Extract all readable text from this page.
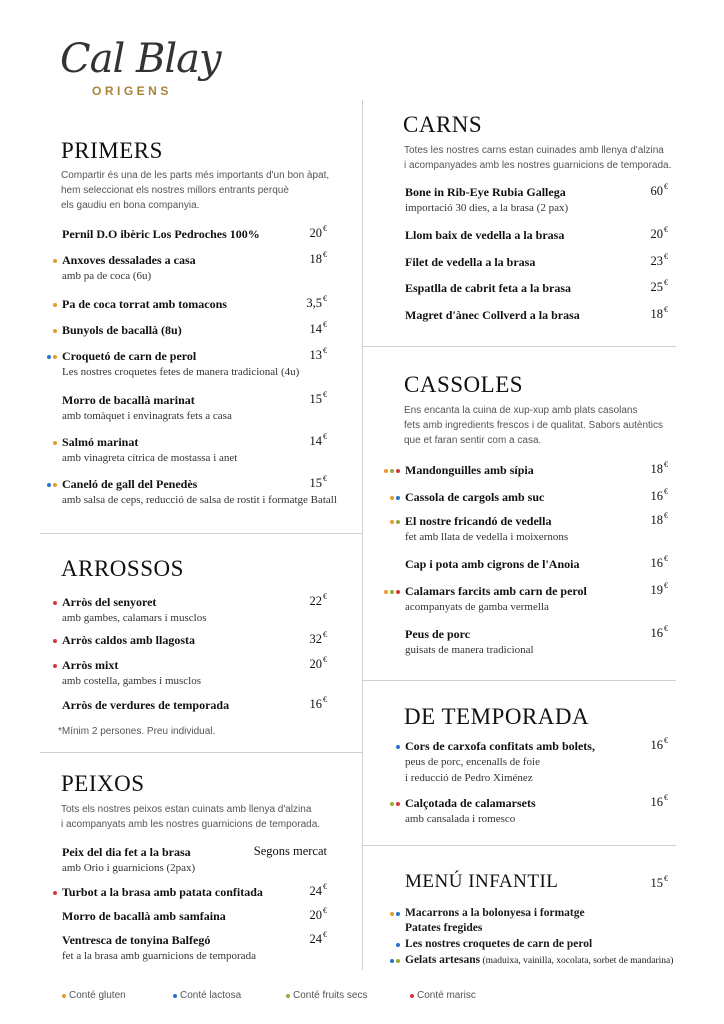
Cal Blay
ORIGENS
PRIMERS
Compartir és una de les parts més importants d'un bon àpat,
hem seleccionat els nostres millors entrants perquè
els gaudiu en bona companyia.
Pernil D.O ibèric Los Pedroches 100%	20€
Anxoves dessalades a casa
amb pa de coca (6u)
18€
Pa de coca torrat amb tomacons	3,5€
Bunyols de bacallà (8u)	14€
Croquetó de carn de perol
Les nostres croquetes fetes de manera tradicional (4u)
13€
Morro de bacallà marinat
amb tomàquet i envinagrats fets a casa
15€
Salmó marinat
amb vinagreta cítrica de mostassa i anet
14€
Caneló de gall del Penedès
amb salsa de ceps, reducció de salsa de rostit i formatge Batall
15€
ARROSSOS
Arròs del senyoret
amb gambes, calamars i musclos
22€
Arròs caldos amb llagosta	32€
Arròs mixt
amb costella, gambes i musclos
20€
Arròs de verdures de temporada	16€
*Mínim 2 persones. Preu individual.
PEIXOS
Tots els nostres peixos estan cuinats amb llenya d'alzina
i acompanyats amb les nostres guarnicions de temporada.
Peix del dia fet a la brasa
amb Orio i guarnicions (2pax)
Segons mercat
Turbot a la brasa amb patata confitada	24€
Morro de bacallà amb samfaina	20€
Ventresca de tonyina Balfegó
fet a la brasa amb guarnicions de temporada
24€
CARNS
Totes les nostres carns estan cuinades amb llenya d'alzina
i acompanyades amb les nostres guarnicions de temporada.
Bone in Rib-Eye Rubia Gallega
importació 30 dies, a la brasa (2 pax)
60€
Llom baix de vedella a la brasa	20€
Filet de vedella a la brasa	23€
Espatlla de cabrit feta a la brasa	25€
Magret d'ànec Collverd a la brasa	18€
CASSOLES
Ens encanta la cuina de xup-xup amb plats casolans
fets amb ingredients frescos i de qualitat. Sabors autèntics
que et faran sentir com a casa.
Mandonguilles amb sípia	18€
Cassola de cargols amb suc	16€
El nostre fricandó de vedella
fet amb llata de vedella i moixernons
18€
Cap i pota amb cigrons de l'Anoia	16€
Calamars farcits amb carn de perol
acompanyats de gamba vermella
19€
Peus de porc
guisats de manera tradicional
16€
DE TEMPORADA
Cors de carxofa confitats amb bolets,
peus de porc, encenalls de foie
i reducció de Pedro Ximénez
16€
Calçotada de calamarsets
amb cansalada i romesco
16€
MENÚ INFANTIL	15€
Macarrons a la bolonyesa i formatge
Patates fregides
Les nostres croquetes de carn de perol
Gelats artesans (maduixa, vainilla, xocolata, sorbet de mandarina)
Conté gluten	Conté lactosa	Conté fruits secs	Conté marisc
